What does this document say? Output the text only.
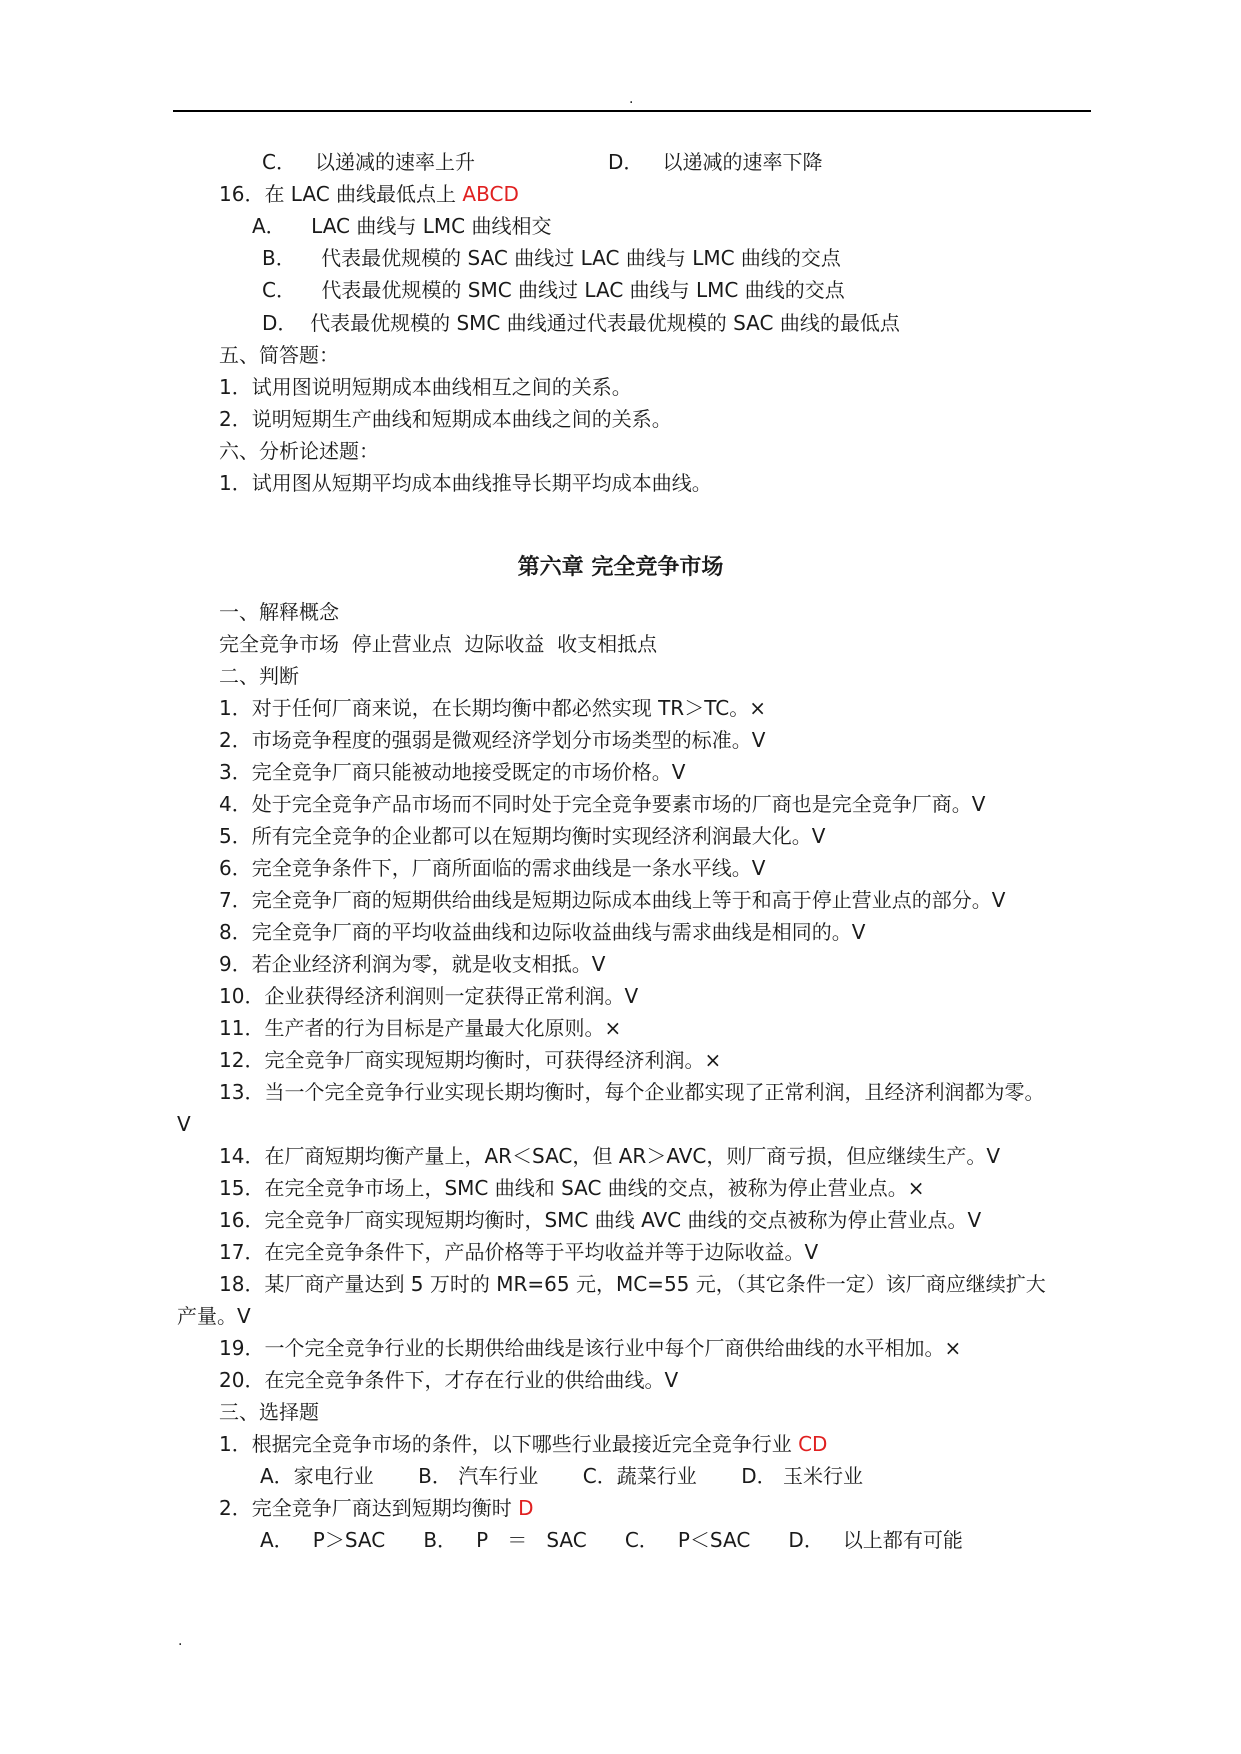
.
C．   以递减的速率上升	D．   以递减的速率下降
16．在 LAC 曲线最低点上 ABCD
A．    LAC 曲线与 LMC 曲线相交
B．    代表最优规模的 SAC 曲线过 LAC 曲线与 LMC 曲线的交点
C．    代表最优规模的 SMC 曲线过 LAC 曲线与 LMC 曲线的交点
D．  代表最优规模的 SMC 曲线通过代表最优规模的 SAC 曲线的最低点
五、简答题：
1．试用图说明短期成本曲线相互之间的关系。
2．说明短期生产曲线和短期成本曲线之间的关系。
六、分析论述题：
1．试用图从短期平均成本曲线推导长期平均成本曲线。
第六章 完全竞争市场
一、解释概念
完全竞争市场  停止营业点  边际收益  收支相抵点
二、判断
1．对于任何厂商来说，在长期均衡中都必然实现 TR＞TC。×
2．市场竞争程度的强弱是微观经济学划分市场类型的标准。V
3．完全竞争厂商只能被动地接受既定的市场价格。V
4．处于完全竞争产品市场而不同时处于完全竞争要素市场的厂商也是完全竞争厂商。V
5．所有完全竞争的企业都可以在短期均衡时实现经济利润最大化。V
6．完全竞争条件下，厂商所面临的需求曲线是一条水平线。V
7．完全竞争厂商的短期供给曲线是短期边际成本曲线上等于和高于停止营业点的部分。V
8．完全竞争厂商的平均收益曲线和边际收益曲线与需求曲线是相同的。V
9．若企业经济利润为零，就是收支相抵。V
10．企业获得经济利润则一定获得正常利润。V
11．生产者的行为目标是产量最大化原则。×
12．完全竞争厂商实现短期均衡时，可获得经济利润。×
13．当一个完全竞争行业实现长期均衡时，每个企业都实现了正常利润，且经济利润都为零。
V
14．在厂商短期均衡产量上，AR＜SAC，但 AR＞AVC，则厂商亏损，但应继续生产。V
15．在完全竞争市场上，SMC 曲线和 SAC 曲线的交点，被称为停止营业点。×
16．完全竞争厂商实现短期均衡时，SMC 曲线 AVC 曲线的交点被称为停止营业点。V
17．在完全竞争条件下，产品价格等于平均收益并等于边际收益。V
18．某厂商产量达到 5 万时的 MR=65 元，MC=55 元，（其它条件一定）该厂商应继续扩大
产量。V
19．一个完全竞争行业的长期供给曲线是该行业中每个厂商供给曲线的水平相加。×
20．在完全竞争条件下，才存在行业的供给曲线。V
三、选择题
1．根据完全竞争市场的条件，以下哪些行业最接近完全竞争行业 CD
A．家电行业       B． 汽车行业       C．蔬菜行业       D． 玉米行业
2．完全竞争厂商达到短期均衡时 D
A．   P＞SAC      B．   P   ＝   SAC      C．   P＜SAC      D．   以上都有可能
.
